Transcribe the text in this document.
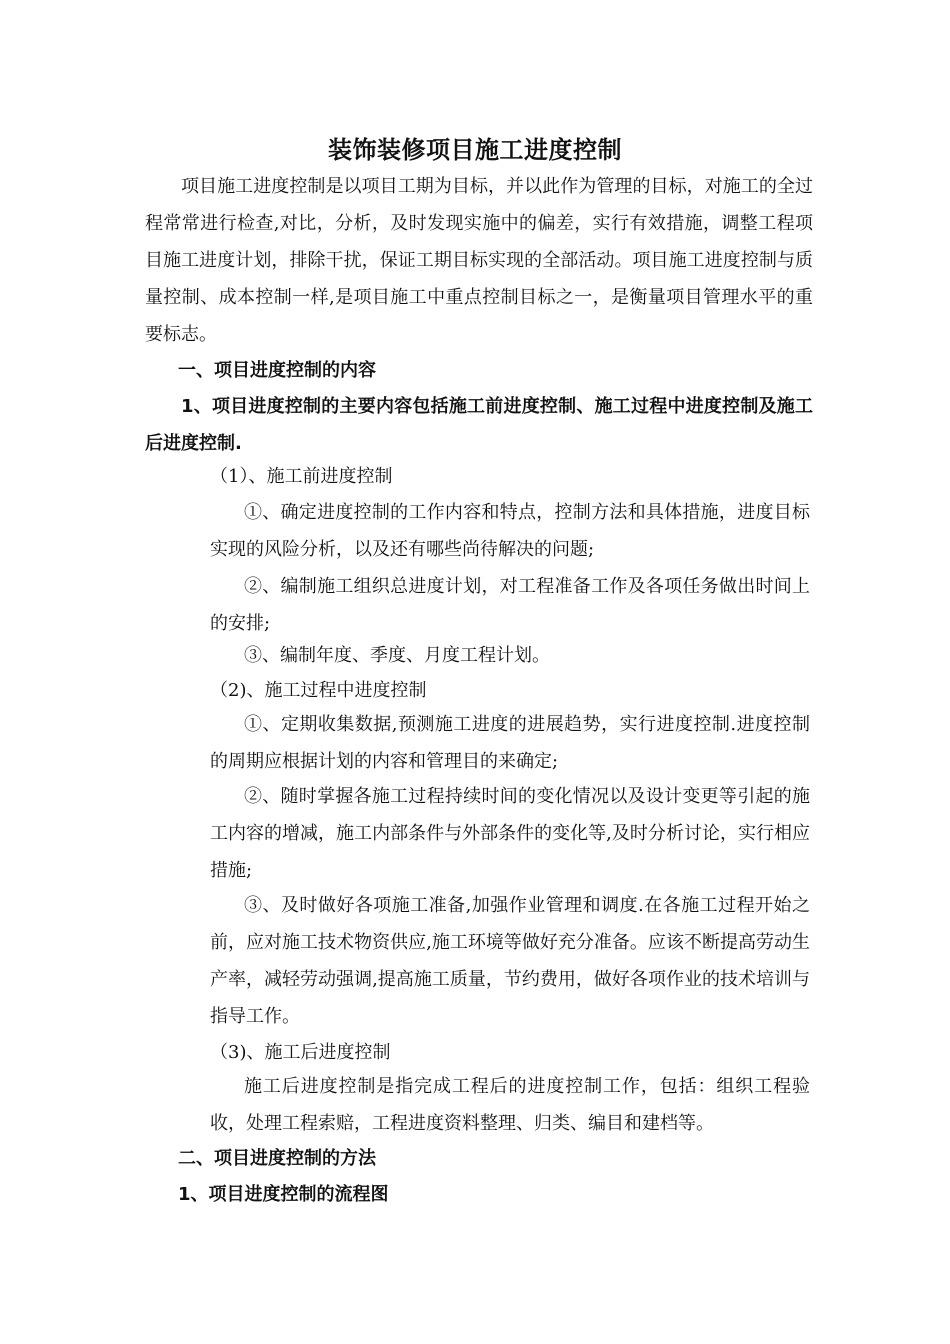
装饰装修项目施工进度控制
项目施工进度控制是以项目工期为目标，并以此作为管理的目标，对施工的全过程常常进行检查,对比，分析，及时发现实施中的偏差，实行有效措施，调整工程项目施工进度计划，排除干扰，保证工期目标实现的全部活动。项目施工进度控制与质量控制、成本控制一样,是项目施工中重点控制目标之一，是衡量项目管理水平的重要标志。
一、项目进度控制的内容
1、项目进度控制的主要内容包括施工前进度控制、施工过程中进度控制及施工后进度控制.
（1）、施工前进度控制
①、确定进度控制的工作内容和特点，控制方法和具体措施，进度目标实现的风险分析，以及还有哪些尚待解决的问题;
②、编制施工组织总进度计划，对工程准备工作及各项任务做出时间上的安排;
③、编制年度、季度、月度工程计划。
（2)、施工过程中进度控制
①、定期收集数据,预测施工进度的进展趋势，实行进度控制.进度控制的周期应根据计划的内容和管理目的来确定;
②、随时掌握各施工过程持续时间的变化情况以及设计变更等引起的施工内容的增减，施工内部条件与外部条件的变化等,及时分析讨论，实行相应措施;
③、及时做好各项施工准备,加强作业管理和调度.在各施工过程开始之前，应对施工技术物资供应,施工环境等做好充分准备。应该不断提高劳动生产率，减轻劳动强调,提高施工质量，节约费用，做好各项作业的技术培训与指导工作。
（3)、施工后进度控制
施工后进度控制是指完成工程后的进度控制工作，包括：组织工程验收，处理工程索赔，工程进度资料整理、归类、编目和建档等。
二、项目进度控制的方法
1、项目进度控制的流程图
